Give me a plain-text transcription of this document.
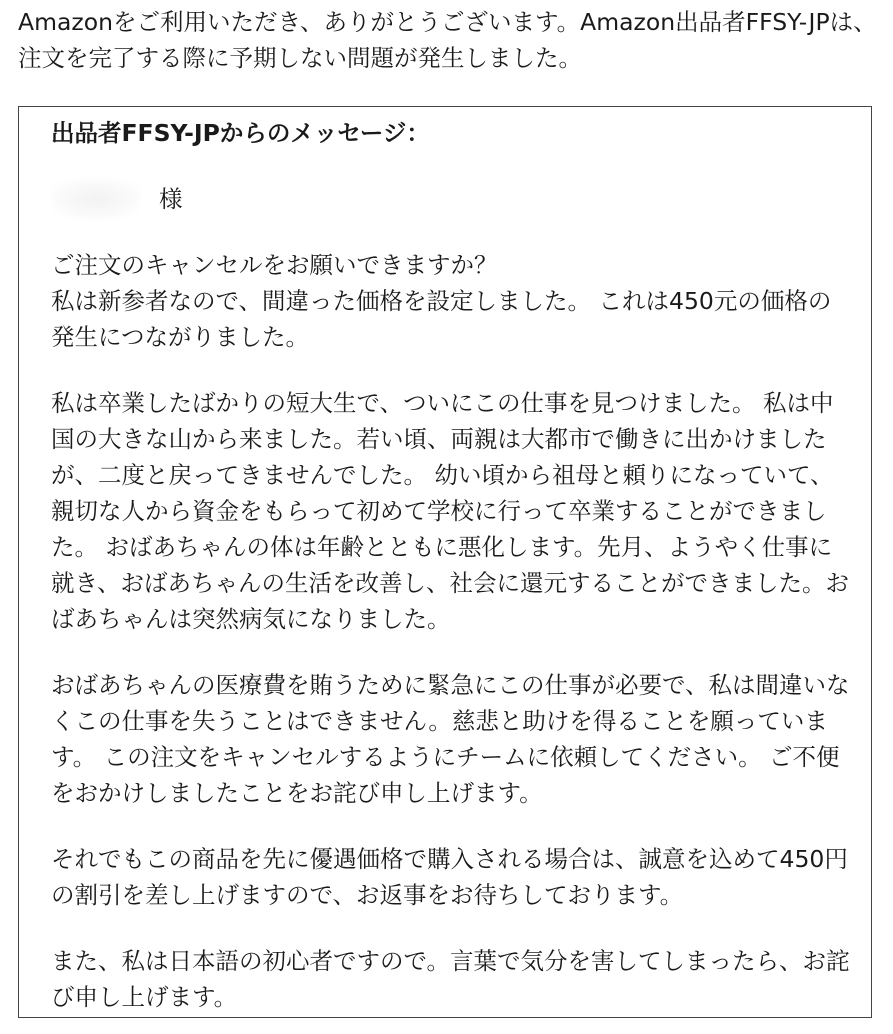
Amazonをご利用いただき、ありがとうございます。Amazon出品者FFSY-JPは、注文を完了する際に予期しない問題が発生しました。

出品者FFSY-JPからのメッセージ：

様

ご注文のキャンセルをお願いできますか？
私は新参者なので、間違った価格を設定しました。 これは450元の価格の発生につながりました。

私は卒業したばかりの短大生で、ついにこの仕事を見つけました。 私は中国の大きな山から来ました。若い頃、両親は大都市で働きに出かけましたが、二度と戻ってきませんでした。 幼い頃から祖母と頼りになっていて、親切な人から資金をもらって初めて学校に行って卒業することができました。 おばあちゃんの体は年齢とともに悪化します。先月、ようやく仕事に就き、おばあちゃんの生活を改善し、社会に還元することができました。おばあちゃんは突然病気になりました。

おばあちゃんの医療費を賄うために緊急にこの仕事が必要で、私は間違いなくこの仕事を失うことはできません。慈悲と助けを得ることを願っています。 この注文をキャンセルするようにチームに依頼してください。 ご不便をおかけしましたことをお詫び申し上げます。

それでもこの商品を先に優遇価格で購入される場合は、誠意を込めて450円の割引を差し上げますので、お返事をお待ちしております。

また、私は日本語の初心者ですので。言葉で気分を害してしまったら、お詫び申し上げます。
